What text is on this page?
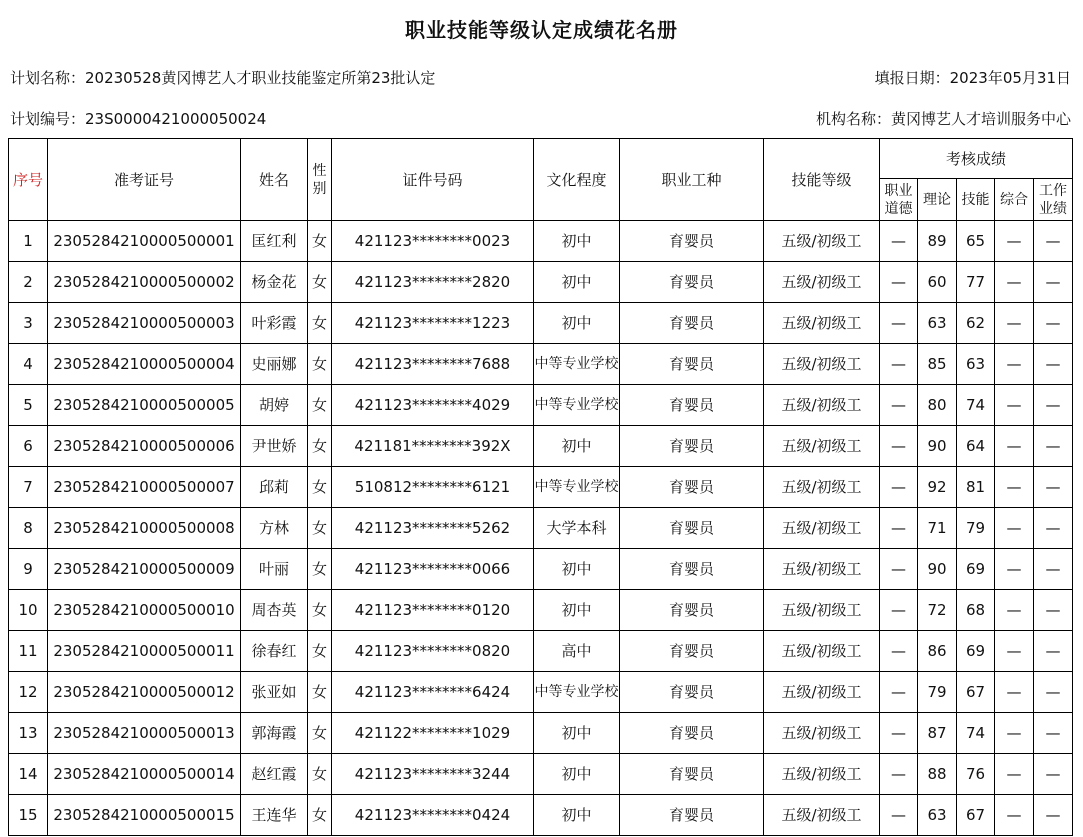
职业技能等级认定成绩花名册
计划名称：20230528黄冈博艺人才职业技能鉴定所第23批认定	填报日期：2023年05月31日
计划编号：23S000042100005002​4	机构名称：黄冈博艺人才培训服务中心
序号	准考证号	姓名	性别	证件号码	文化程度	职业工种	技能等级	考核成绩				
								职业道德	理论	技能	综合	工作业绩
1	2305284210000500001	匡红利	女	421123********0023	初中	育婴员	五级/初级工	—	89	65	—	—
2	2305284210000500002	杨金花	女	421123********2820	初中	育婴员	五级/初级工	—	60	77	—	—
3	2305284210000500003	叶彩霞	女	421123********1223	初中	育婴员	五级/初级工	—	63	62	—	—
4	2305284210000500004	史丽娜	女	421123********7688	中等专业学校	育婴员	五级/初级工	—	85	63	—	—
5	2305284210000500005	胡婷	女	421123********4029	中等专业学校	育婴员	五级/初级工	—	80	74	—	—
6	2305284210000500006	尹世娇	女	421181********392X	初中	育婴员	五级/初级工	—	90	64	—	—
7	2305284210000500007	邱莉	女	510812********6121	中等专业学校	育婴员	五级/初级工	—	92	81	—	—
8	2305284210000500008	方林	女	421123********5262	大学本科	育婴员	五级/初级工	—	71	79	—	—
9	2305284210000500009	叶丽	女	421123********0066	初中	育婴员	五级/初级工	—	90	69	—	—
10	2305284210000500010	周杏英	女	421123********0120	初中	育婴员	五级/初级工	—	72	68	—	—
11	2305284210000500011	徐春红	女	421123********0820	高中	育婴员	五级/初级工	—	86	69	—	—
12	2305284210000500012	张亚如	女	421123********6424	中等专业学校	育婴员	五级/初级工	—	79	67	—	—
13	2305284210000500013	郭海霞	女	421122********1029	初中	育婴员	五级/初级工	—	87	74	—	—
14	2305284210000500014	赵红霞	女	421123********3244	初中	育婴员	五级/初级工	—	88	76	—	—
15	2305284210000500015	王连华	女	421123********0424	初中	育婴员	五级/初级工	—	63	67	—	—
